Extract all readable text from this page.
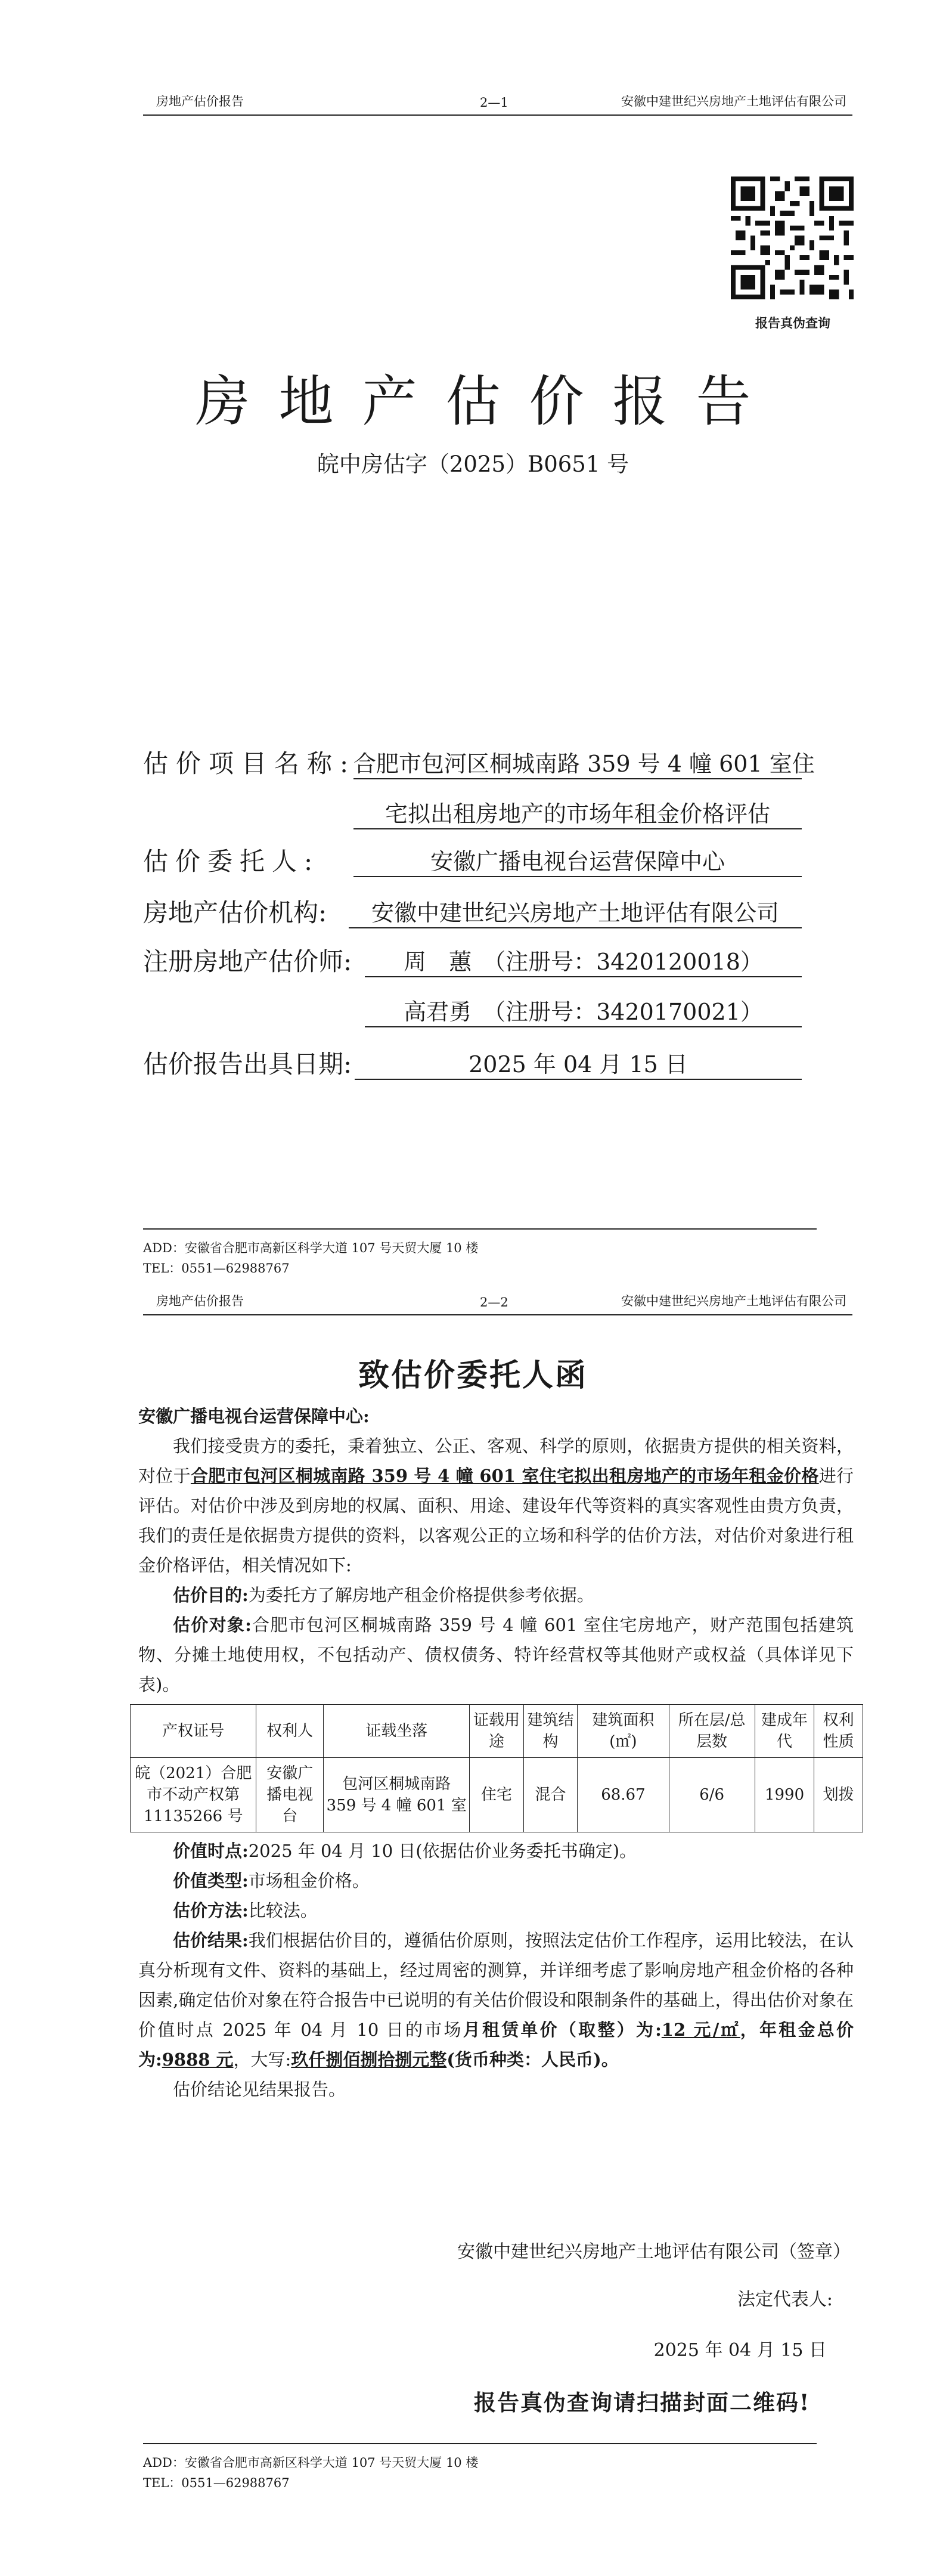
房地产估价报告	2—1	安徽中建世纪兴房地产土地评估有限公司
报告真伪查询
房地产估价报告
皖中房估字（2025）B0651 号
估价项目名称:
合肥市包河区桐城南路 359 号 4 幢 601 室住
宅拟出租房地产的市场年租金价格评估
估价委托人:	安徽广播电视台运营保障中心
房地产估价机构:	安徽中建世纪兴房地产土地评估有限公司
注册房地产估价师:	周　蕙　（注册号：3420120018）
高君勇　（注册号：3420170021）
估价报告出具日期:	2025 年 04 月 15 日
ADD：安徽省合肥市高新区科学大道 107 号天贸大厦 10 楼
TEL：0551—62988767
房地产估价报告	2—2	安徽中建世纪兴房地产土地评估有限公司
致估价委托人函

安徽广播电视台运营保障中心:

我们接受贵方的委托，秉着独立、公正、客观、科学的原则，依据贵方提供的相关资料，对位于合肥市包河区桐城南路 359 号 4 幢 601 室住宅拟出租房地产的市场年租金价格进行评估。对估价中涉及到房地的权属、面积、用途、建设年代等资料的真实客观性由贵方负责，我们的责任是依据贵方提供的资料，以客观公正的立场和科学的估价方法，对估价对象进行租金价格评估，相关情况如下:

估价目的:为委托方了解房地产租金价格提供参考依据。

估价对象:合肥市包河区桐城南路 359 号 4 幢 601 室住宅房地产，财产范围包括建筑物、分摊土地使用权，不包括动产、债权债务、特许经营权等其他财产或权益（具体详见下表)。

产权证号	权利人	证载坐落	证载用途	建筑结构	建筑面积(㎡)	所在层/总层数	建成年代	权利性质
皖（2021）合肥市不动产权第11135266 号	安徽广播电视台	包河区桐城南路 359 号 4 幢 601 室	住宅	混合	68.67	6/6	1990	划拨

价值时点:2025 年 04 月 10 日(依据估价业务委托书确定)。

价值类型:市场租金价格。

估价方法:比较法。

估价结果:我们根据估价目的，遵循估价原则，按照法定估价工作程序，运用比较法，在认真分析现有文件、资料的基础上，经过周密的测算，并详细考虑了影响房地产租金价格的各种因素,确定估价对象在符合报告中已说明的有关估价假设和限制条件的基础上，得出估价对象在价值时点 2025 年 04 月 10 日的市场月租赁单价（取整）为:12 元/㎡，年租金总价为:9888 元，大写:玖仟捌佰捌拾捌元整(货币种类：人民币)。

估价结论见结果报告。

安徽中建世纪兴房地产土地评估有限公司（签章）
法定代表人:
2025 年 04 月 15 日
报告真伪查询请扫描封面二维码!
ADD：安徽省合肥市高新区科学大道 107 号天贸大厦 10 楼
TEL：0551—62988767
